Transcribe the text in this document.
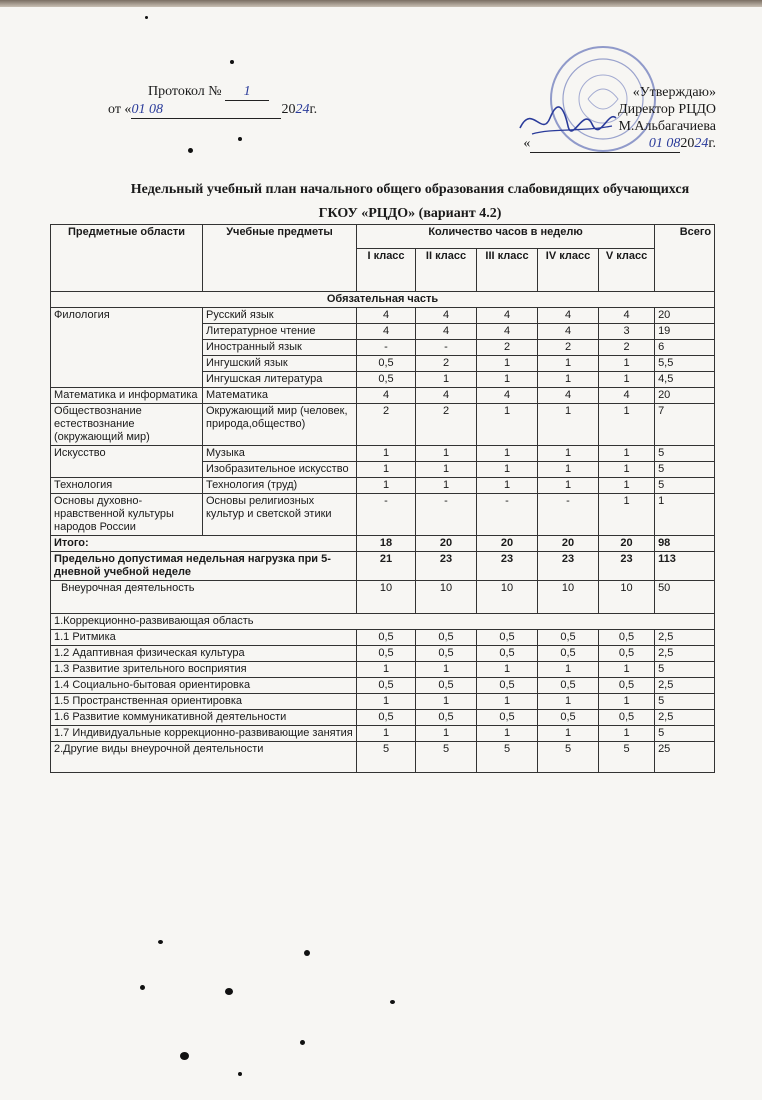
Протокол № 1
от «01 08	2024г.
«Утверждаю»
Директор РЦДО
М.Альбагачиева
«	01 082024г.
Недельный учебный план начального общего образования слабовидящих обучающихся
ГКОУ «РЦДО» (вариант 4.2)
Предметные области	Учебные предметы	Количество часов в неделю					Всего
		I класс	II класс	III класс	IV класс	V класс	
Обязательная часть							
Филология	Русский язык	4	4	4	4	4	20
	Литературное чтение	4	4	4	4	3	19
	Иностранный язык	-	-	2	2	2	6
	Ингушский язык	0,5	2	1	1	1	5,5
	Ингушская литература	0,5	1	1	1	1	4,5
Математика и информатика	Математика	4	4	4	4	4	20
Обществознание естествознание (окружающий мир)	Окружающий мир (человек, природа,общество)	2	2	1	1	1	7
Искусство	Музыка	1	1	1	1	1	5
	Изобразительное искусство	1	1	1	1	1	5
Технология	Технология (труд)	1	1	1	1	1	5
Основы духовно-нравственной культуры народов России	Основы религиозных культур и светской этики	-	-	-	-	1	1
Итого:		18	20	20	20	20	98
Предельно допустимая недельная нагрузка при 5-дневной учебной неделе		21	23	23	23	23	113
Внеурочная деятельность		10	10	10	10	10	50
1.Коррекционно-развивающая область							
1.1 Ритмика		0,5	0,5	0,5	0,5	0,5	2,5
1.2 Адаптивная физическая культура		0,5	0,5	0,5	0,5	0,5	2,5
1.3 Развитие зрительного восприятия		1	1	1	1	1	5
1.4 Социально-бытовая ориентировка		0,5	0,5	0,5	0,5	0,5	2,5
1.5 Пространственная ориентировка		1	1	1	1	1	5
1.6 Развитие коммуникативной деятельности		0,5	0,5	0,5	0,5	0,5	2,5
1.7 Индивидуальные коррекционно-развивающие занятия		1	1	1	1	1	5
2.Другие виды внеурочной деятельности		5	5	5	5	5	25
